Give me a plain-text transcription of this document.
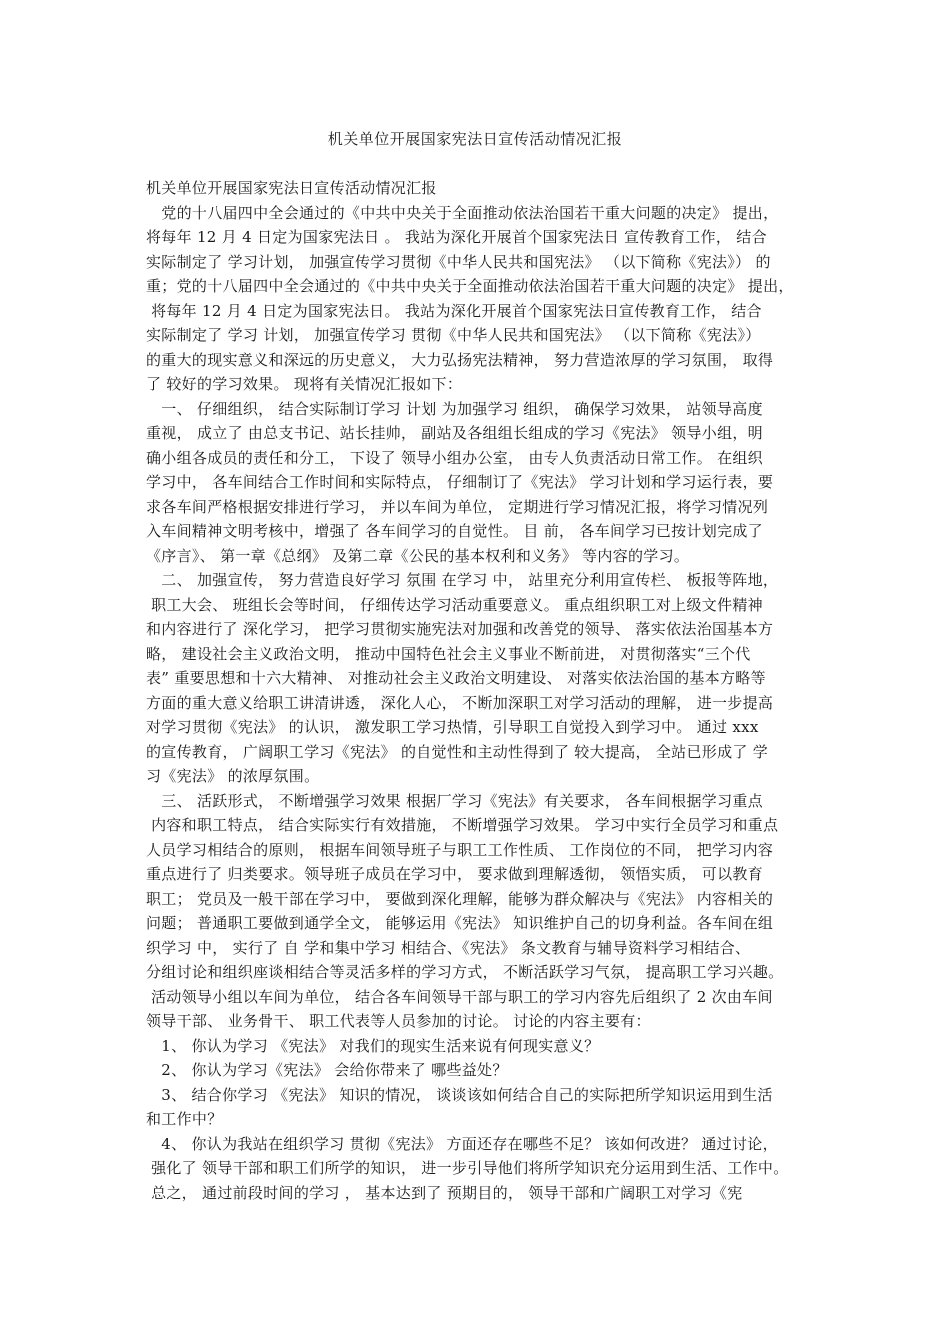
机关单位开展国家宪法日宣传活动情况汇报
机关单位开展国家宪法日宣传活动情况汇报
　党的十八届四中全会通过的《中共中央关于全面推动依法治国若干重大问题的决定》 提出，
将每年 12 月 4 日定为国家宪法日 。 我站为深化开展首个国家宪法日 宣传教育工作， 结合
实际制定了 学习计划， 加强宣传学习贯彻《中华人民共和国宪法》 （以下简称《宪法》） 的
重；党的十八届四中全会通过的《中共中央关于全面推动依法治国若干重大问题的决定》 提出，
将每年 12 月 4 日定为国家宪法日。 我站为深化开展首个国家宪法日宣传教育工作， 结合
实际制定了 学习 计划， 加强宣传学习 贯彻《中华人民共和国宪法》 （以下简称《宪法》）
的重大的现实意义和深远的历史意义， 大力弘扬宪法精神， 努力营造浓厚的学习氛围， 取得
了 较好的学习效果。 现将有关情况汇报如下：
　一、 仔细组织， 结合实际制订学习 计划 为加强学习 组织， 确保学习效果， 站领导高度
重视， 成立了 由总支书记、站长挂帅， 副站及各组组长组成的学习《宪法》 领导小组，明
确小组各成员的责任和分工， 下设了 领导小组办公室， 由专人负责活动日常工作。 在组织
学习中， 各车间结合工作时间和实际特点， 仔细制订了《宪法》 学习计划和学习运行表，要
求各车间严格根据安排进行学习， 并以车间为单位， 定期进行学习情况汇报，将学习情况列
入车间精神文明考核中，增强了 各车间学习的自觉性。 目 前， 各车间学习已按计划完成了
《序言》、 第一章《总纲》 及第二章《公民的基本权利和义务》 等内容的学习。
　二、 加强宣传， 努力营造良好学习 氛围 在学习 中， 站里充分利用宣传栏、 板报等阵地，
职工大会、 班组长会等时间， 仔细传达学习活动重要意义。 重点组织职工对上级文件精神
和内容进行了 深化学习， 把学习贯彻实施宪法对加强和改善党的领导、 落实依法治国基本方
略， 建设社会主义政治文明， 推动中国特色社会主义事业不断前进， 对贯彻落实“三个代
表” 重要思想和十六大精神、 对推动社会主义政治文明建设、 对落实依法治国的基本方略等
方面的重大意义给职工讲清讲透， 深化人心， 不断加深职工对学习活动的理解， 进一步提高
对学习贯彻《宪法》 的认识， 激发职工学习热情，引导职工自觉投入到学习中。 通过 xxx
的宣传教育， 广阔职工学习《宪法》 的自觉性和主动性得到了 较大提高， 全站已形成了 学
习《宪法》 的浓厚氛围。
　三、 活跃形式， 不断增强学习效果 根据厂学习《宪法》有关要求， 各车间根据学习重点
内容和职工特点， 结合实际实行有效措施， 不断增强学习效果。 学习中实行全员学习和重点
人员学习相结合的原则， 根据车间领导班子与职工工作性质、 工作岗位的不同， 把学习内容
重点进行了 归类要求。领导班子成员在学习中， 要求做到理解透彻， 领悟实质， 可以教育
职工； 党员及一般干部在学习中， 要做到深化理解，能够为群众解决与《宪法》 内容相关的
问题； 普通职工要做到通学全文， 能够运用《宪法》 知识维护自己的切身利益。各车间在组
织学习 中， 实行了 自 学和集中学习 相结合、《宪法》 条文教育与辅导资料学习相结合、
分组讨论和组织座谈相结合等灵活多样的学习方式， 不断活跃学习气氛， 提高职工学习兴趣。
活动领导小组以车间为单位， 结合各车间领导干部与职工的学习内容先后组织了 2 次由车间
领导干部、 业务骨干、 职工代表等人员参加的讨论。 讨论的内容主要有：
　1、 你认为学习 《宪法》 对我们的现实生活来说有何现实意义？
　2、 你认为学习《宪法》 会给你带来了 哪些益处？
　3、 结合你学习 《宪法》 知识的情况， 谈谈该如何结合自己的实际把所学知识运用到生活
和工作中？
　4、 你认为我站在组织学习 贯彻《宪法》 方面还存在哪些不足？ 该如何改进？ 通过讨论，
强化了 领导干部和职工们所学的知识， 进一步引导他们将所学知识充分运用到生活、工作中。
总之， 通过前段时间的学习 ， 基本达到了 预期目的， 领导干部和广阔职工对学习《宪
